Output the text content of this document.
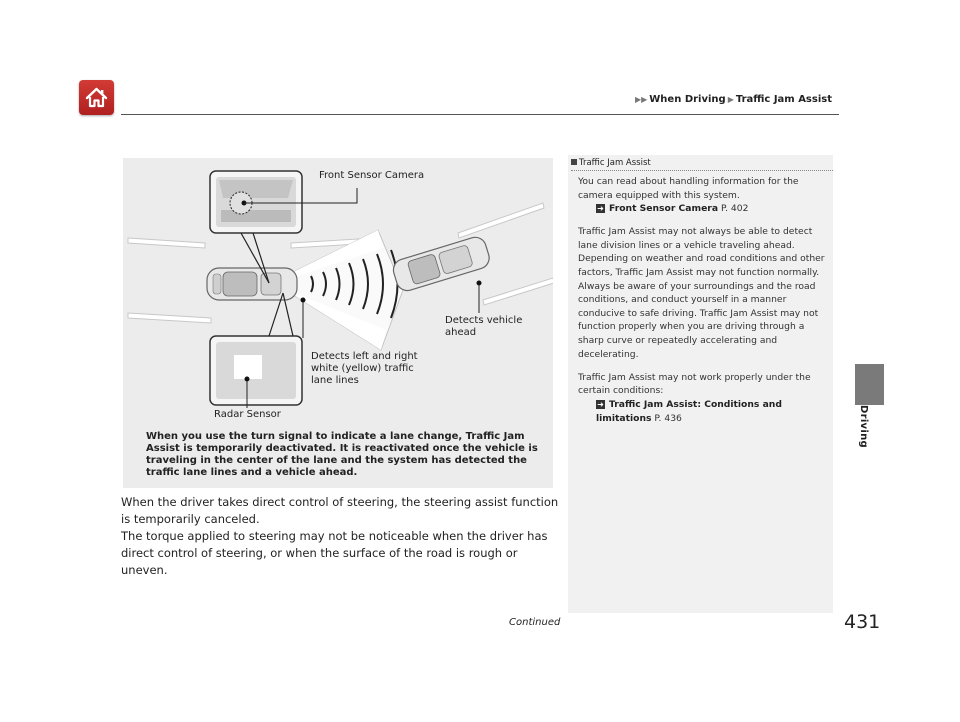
▶▶ When Driving ▶ Traffic Jam Assist
Driving
Front Sensor Camera
Detects vehicle
ahead
Detects left and right
white (yellow) traffic
lane lines
Radar Sensor
When you use the turn signal to indicate a lane change, Traffic Jam Assist is temporarily deactivated. It is reactivated once the vehicle is traveling in the center of the lane and the system has detected the traffic lane lines and a vehicle ahead.

When the driver takes direct control of steering, the steering assist function is temporarily canceled.

The torque applied to steering may not be noticeable when the driver has direct control of steering, or when the surface of the road is rough or uneven.

Traffic Jam Assist

You can read about handling information for the camera equipped with this system.
➜ Front Sensor Camera P. 402

Traffic Jam Assist may not always be able to detect lane division lines or a vehicle traveling ahead. Depending on weather and road conditions and other factors, Traffic Jam Assist may not function normally. Always be aware of your surroundings and the road conditions, and conduct yourself in a manner conducive to safe driving. Traffic Jam Assist may not function properly when you are driving through a sharp curve or repeatedly accelerating and decelerating.

Traffic Jam Assist may not work properly under the certain conditions:
➜ Traffic Jam Assist: Conditions and limitations P. 436

Continued	431
